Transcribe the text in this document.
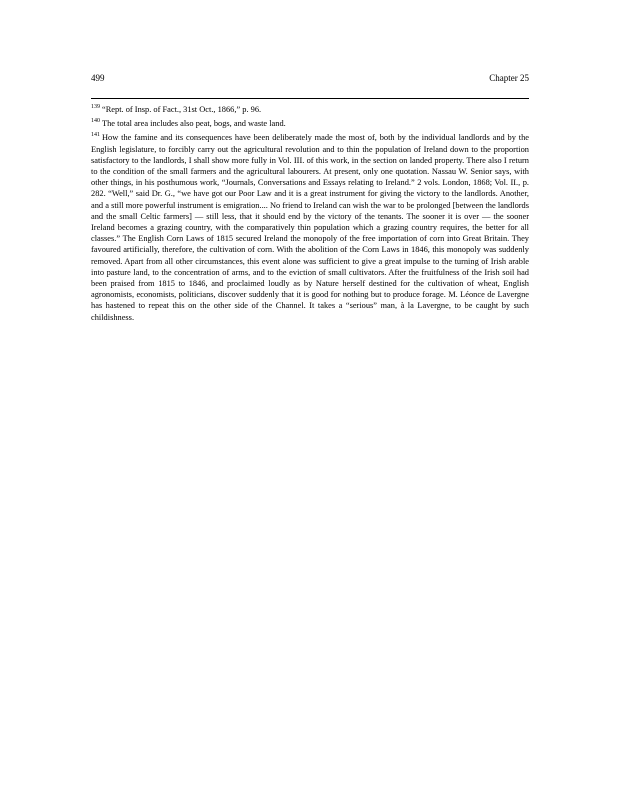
499	Chapter 25

$^{139}$ “Rept. of Insp. of Fact., 31st Oct., 1866,” p. 96.

$^{140}$ The total area includes also peat, bogs, and waste land.

$^{141}$ How the famine and its consequences have been deliberately made the most of, both by the individual landlords and by the English legislature, to forcibly carry out the agricultural revolution and to thin the population of Ireland down to the proportion satisfactory to the landlords, I shall show more fully in Vol. III. of this work, in the section on landed property. There also I return to the condition of the small farmers and the agricultural labourers. At present, only one quotation. Nassau W. Senior says, with other things, in his posthumous work, “Journals, Conversations and Essays relating to Ireland.” 2 vols. London, 1868; Vol. II., p. 282. “Well,” said Dr. G., “we have got our Poor Law and it is a great instrument for giving the victory to the landlords. Another, and a still more powerful instrument is emigration.... No friend to Ireland can wish the war to be prolonged [between the landlords and the small Celtic farmers] — still less, that it should end by the victory of the tenants. The sooner it is over — the sooner Ireland becomes a grazing country, with the comparatively thin population which a grazing country requires, the better for all classes.” The English Corn Laws of 1815 secured Ireland the monopoly of the free importation of corn into Great Britain. They favoured artificially, therefore, the cultivation of corn. With the abolition of the Corn Laws in 1846, this monopoly was suddenly removed. Apart from all other circumstances, this event alone was sufficient to give a great impulse to the turning of Irish arable into pasture land, to the concentration of arms, and to the eviction of small cultivators. After the fruitfulness of the Irish soil had been praised from 1815 to 1846, and proclaimed loudly as by Nature herself destined for the cultivation of wheat, English agronomists, economists, politicians, discover suddenly that it is good for nothing but to produce forage. M. Léonce de Lavergne has hastened to repeat this on the other side of the Channel. It takes a “serious” man, à la Lavergne, to be caught by such childishness.
